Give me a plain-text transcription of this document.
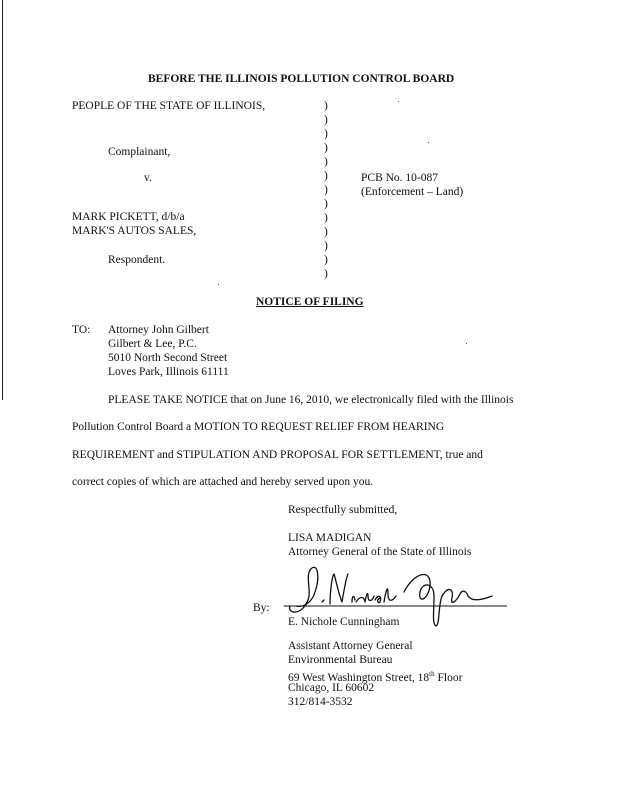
BEFORE THE ILLINOIS POLLUTION CONTROL BOARD
PEOPLE OF THE STATE OF ILLINOIS,
Complainant,
v.
MARK PICKETT, d/b/a
MARK'S AUTOS SALES,
Respondent.
)
)
)
)
)
)
)
)
)
)
)
)
)
PCB No. 10-087
(Enforcement – Land)
NOTICE OF FILING
TO: Attorney John Gilbert
Gilbert & Lee, P.C.
5010 North Second Street
Loves Park, Illinois 61111
PLEASE TAKE NOTICE that on June 16, 2010, we electronically filed with the Illinois
Pollution Control Board a MOTION TO REQUEST RELIEF FROM HEARING
REQUIREMENT and STIPULATION AND PROPOSAL FOR SETTLEMENT, true and
correct copies of which are attached and hereby served upon you.
Respectfully submitted,
LISA MADIGAN
Attorney General of the State of Illinois
By:
E. Nichole Cunningham
Assistant Attorney General
Environmental Bureau
69 West Washington Street, 18th Floor
Chicago, IL 60602
312/814-3532
